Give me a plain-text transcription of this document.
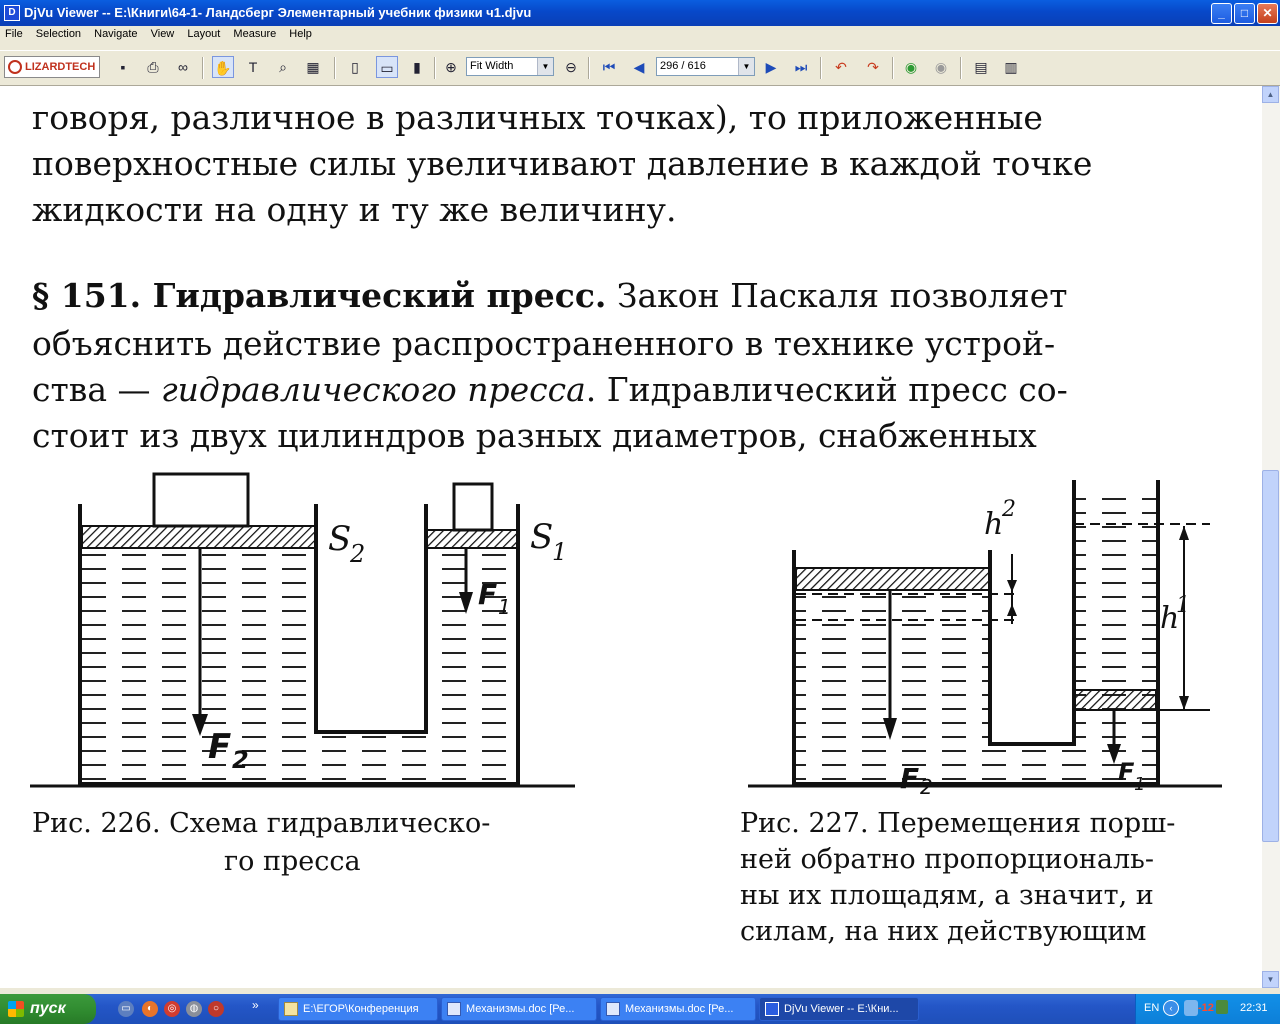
D DjVu Viewer -- E:\Книги\64-1- Ландсберг Элементарный учебник физики ч1.djvu	_	□	✕
File Selection Navigate View Layout Measure Help
LIZARDTECH	▪	⎙	∞	✋	T	⌕	▦	▯	▭	▮	⊕	Fit Width	▼	⊖	⏮	◀	296 / 616	▼	▶	⏭	↶	↷	◉	◉	▤	▥
говоря, различное в различных точках), то приложенные
поверхностные силы увеличивают давление в каждой точке
жидкости на одну и ту же величину.
§ 151. Гидравлический пресс. Закон Паскаля позволяет
объяснить действие распространенного в технике устрой-
ства — гидравлического пресса. Гидравлический пресс со-
стоит из двух цилиндров разных диаметров, снабженных
S
2	S
1
F 1
F 2
h
2
h
1
F 2
F 1
Рис. 226. Схема гидравлическо-
го пресса
Рис. 227. Перемещения порш-
ней обратно пропорциональ-
ны их площадям, а значит, и
силам, на них действующим
▲
▼
пуск	▭	◐	◎	◍	○	»	E:\ЕГОР\Конференция	Механизмы.doc [Ре...	Механизмы.doc [Ре...	DjVu Viewer -- E:\Кни...	EN	‹	-12 22:31
